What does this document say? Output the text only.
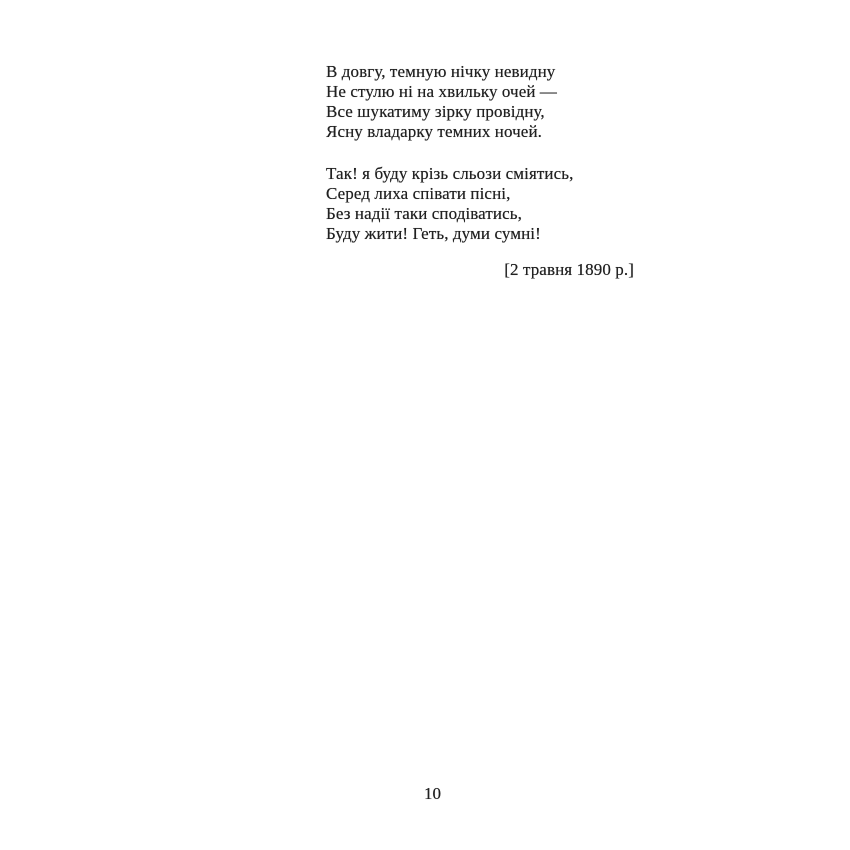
В довгу, темную нічку невидну
Не стулю ні на хвильку очей —
Все шукатиму зірку провідну,
Ясну владарку темних ночей.
Так! я буду крізь сльози сміятись,
Серед лиха співати пісні,
Без надії таки сподіватись,
Буду жити! Геть, думи сумні!
[2 травня 1890 р.]
10
